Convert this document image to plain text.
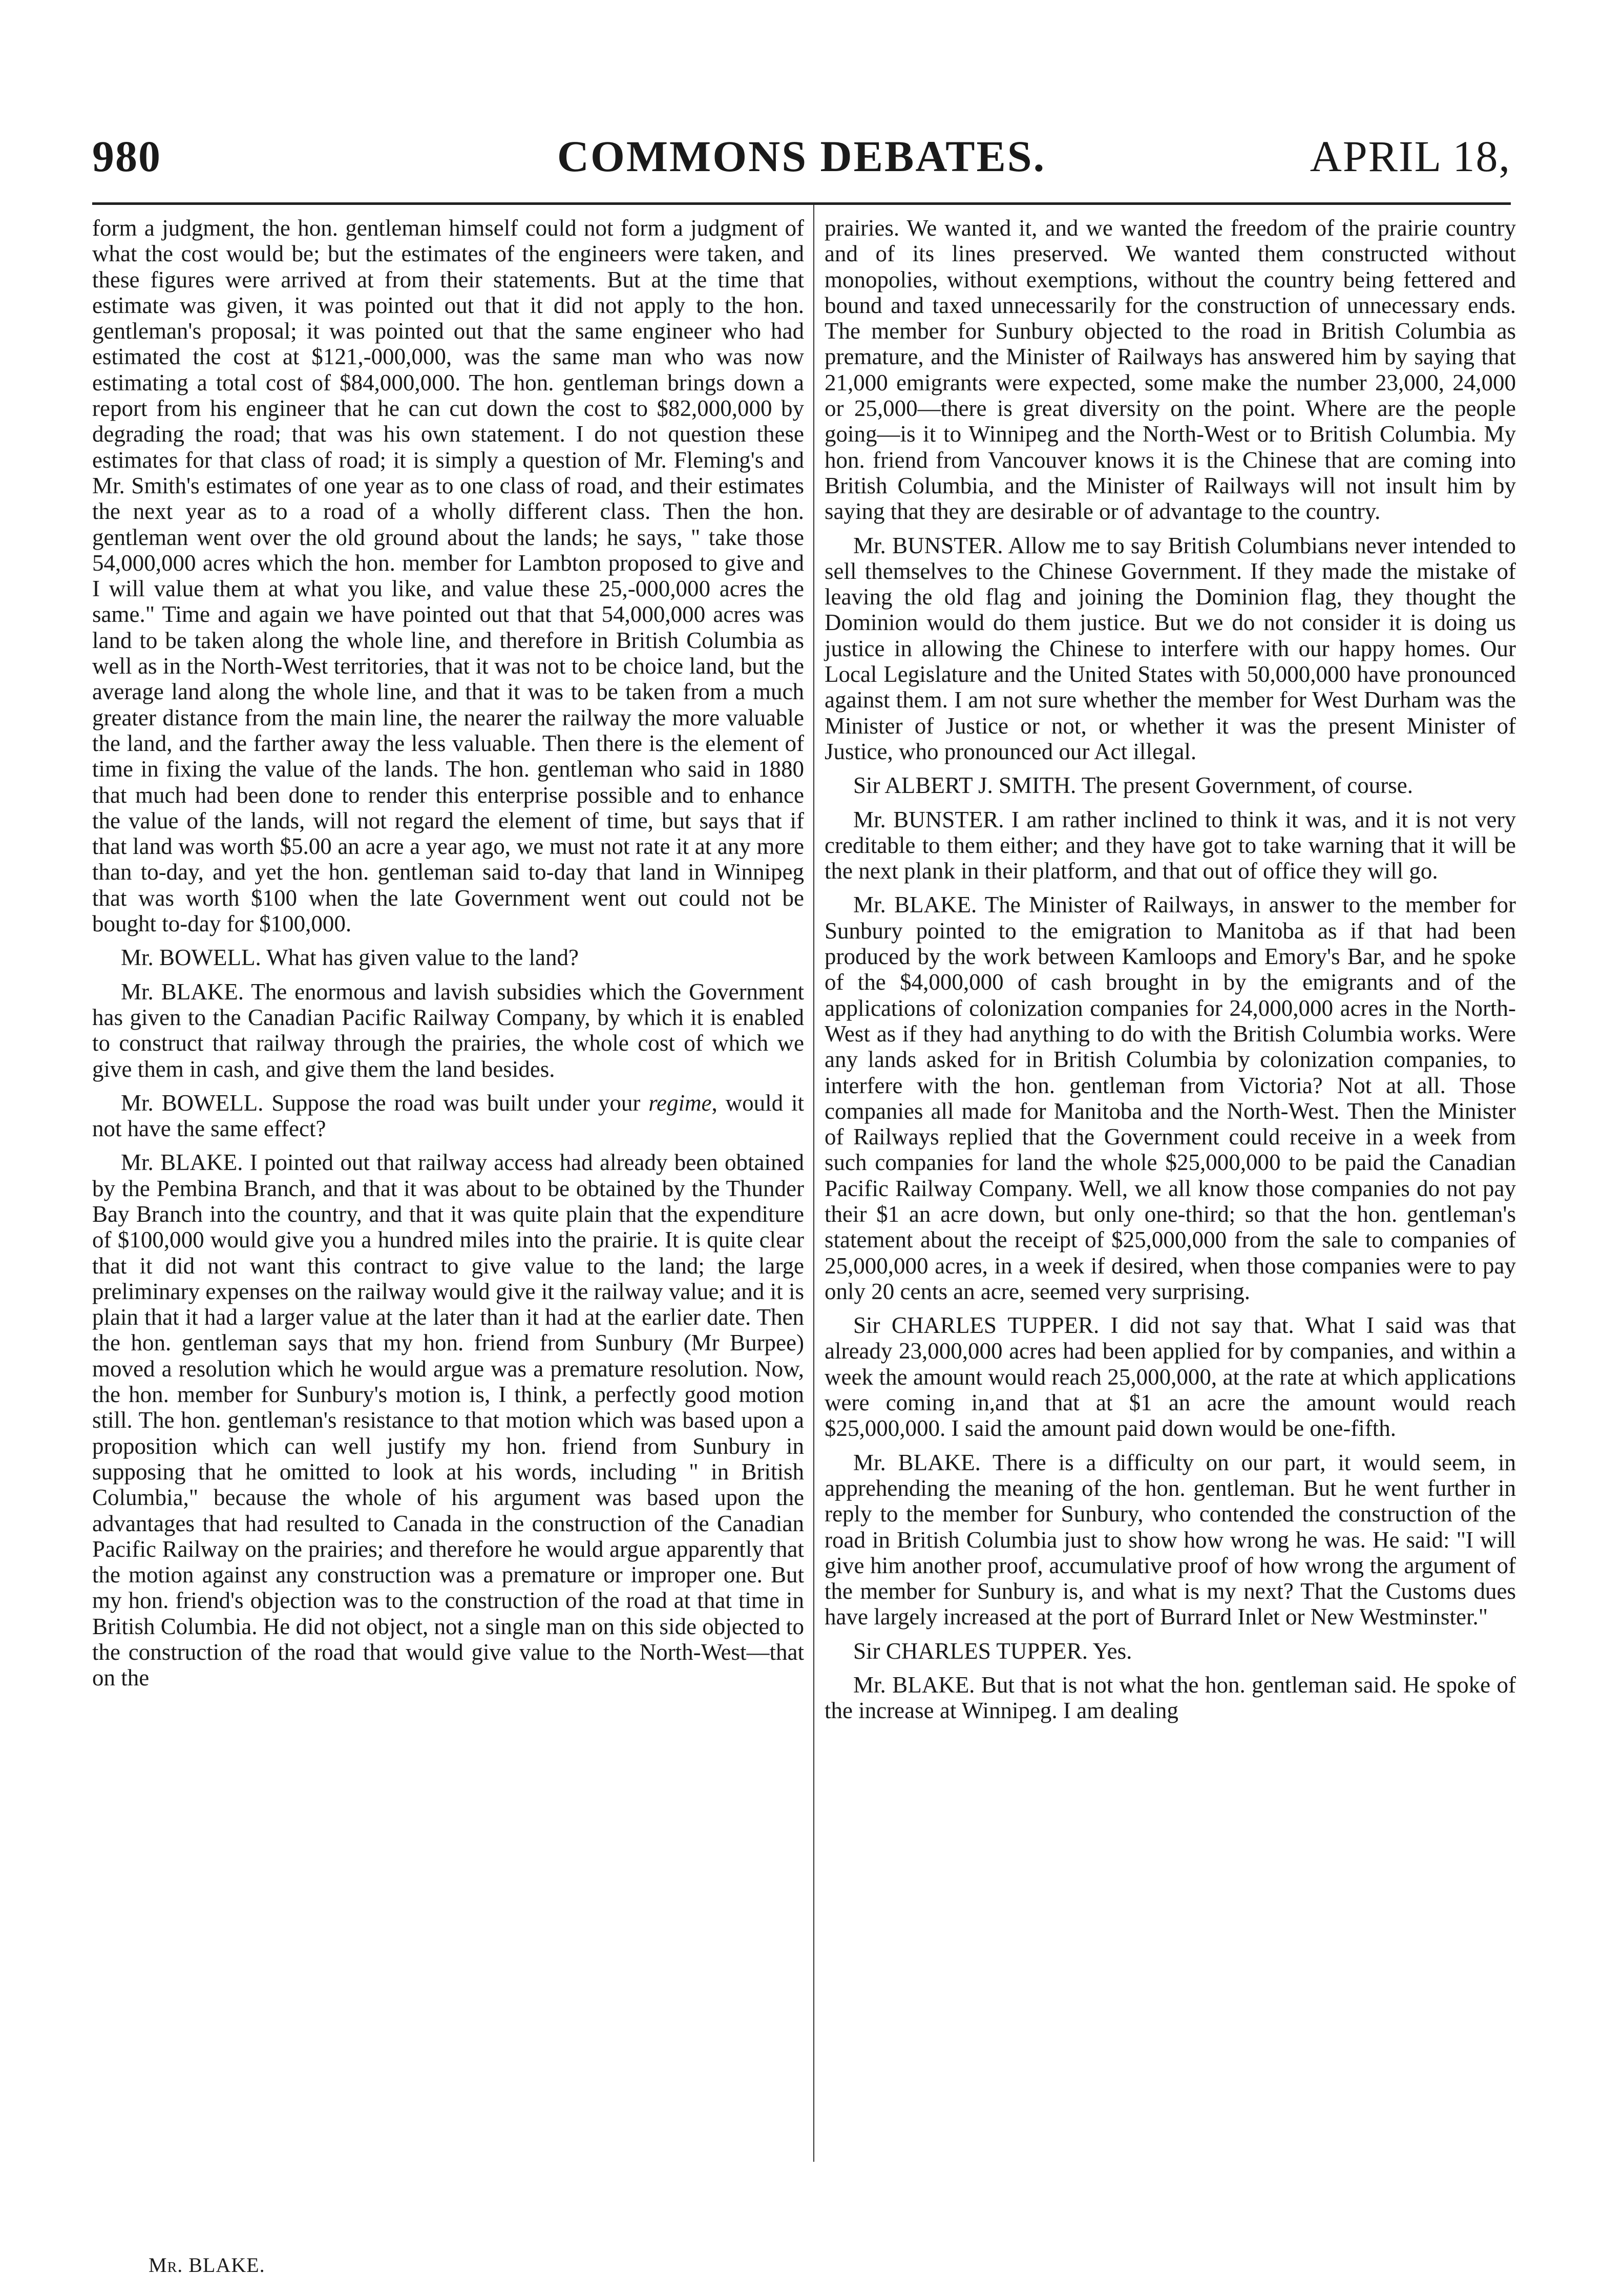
980	COMMONS DEBATES.	APRIL 18,

form a judgment, the hon. gentleman himself could not form a judgment of what the cost would be; but the estimates of the engineers were taken, and these figures were arrived at from their statements. But at the time that estimate was given, it was pointed out that it did not apply to the hon. gentleman's proposal; it was pointed out that the same engineer who had estimated the cost at $121,-000,000, was the same man who was now estimating a total cost of $84,000,000. The hon. gentleman brings down a report from his engineer that he can cut down the cost to $82,000,000 by degrading the road; that was his own statement. I do not question these estimates for that class of road; it is simply a question of Mr. Fleming's and Mr. Smith's estimates of one year as to one class of road, and their estimates the next year as to a road of a wholly different class. Then the hon. gentleman went over the old ground about the lands; he says, " take those 54,000,000 acres which the hon. member for Lambton proposed to give and I will value them at what you like, and value these 25,-000,000 acres the same." Time and again we have pointed out that that 54,000,000 acres was land to be taken along the whole line, and therefore in British Columbia as well as in the North-West territories, that it was not to be choice land, but the average land along the whole line, and that it was to be taken from a much greater distance from the main line, the nearer the railway the more valuable the land, and the farther away the less valuable. Then there is the element of time in fixing the value of the lands. The hon. gentleman who said in 1880 that much had been done to render this enterprise possible and to enhance the value of the lands, will not regard the element of time, but says that if that land was worth $5.00 an acre a year ago, we must not rate it at any more than to-day, and yet the hon. gentleman said to-day that land in Winnipeg that was worth $100 when the late Government went out could not be bought to-day for $100,000.

Mr. BOWELL. What has given value to the land?

Mr. BLAKE. The enormous and lavish subsidies which the Government has given to the Canadian Pacific Railway Company, by which it is enabled to construct that railway through the prairies, the whole cost of which we give them in cash, and give them the land besides.

Mr. BOWELL. Suppose the road was built under your regime, would it not have the same effect?

Mr. BLAKE. I pointed out that railway access had already been obtained by the Pembina Branch, and that it was about to be obtained by the Thunder Bay Branch into the country, and that it was quite plain that the expenditure of $100,000 would give you a hundred miles into the prairie. It is quite clear that it did not want this contract to give value to the land; the large preliminary expenses on the railway would give it the railway value; and it is plain that it had a larger value at the later than it had at the earlier date. Then the hon. gentleman says that my hon. friend from Sunbury (Mr Burpee) moved a resolution which he would argue was a premature resolution. Now, the hon. member for Sunbury's motion is, I think, a perfectly good motion still. The hon. gentleman's resistance to that motion which was based upon a proposition which can well justify my hon. friend from Sunbury in supposing that he omitted to look at his words, including " in British Columbia," because the whole of his argument was based upon the advantages that had resulted to Canada in the construction of the Canadian Pacific Railway on the prairies; and therefore he would argue apparently that the motion against any construction was a premature or improper one. But my hon. friend's objection was to the construction of the road at that time in British Columbia. He did not object, not a single man on this side objected to the construction of the road that would give value to the North-West—that on the

prairies. We wanted it, and we wanted the freedom of the prairie country and of its lines preserved. We wanted them constructed without monopolies, without exemptions, without the country being fettered and bound and taxed unnecessarily for the construction of unnecessary ends. The member for Sunbury objected to the road in British Columbia as premature, and the Minister of Railways has answered him by saying that 21,000 emigrants were expected, some make the number 23,000, 24,000 or 25,000—there is great diversity on the point. Where are the people going—is it to Winnipeg and the North-West or to British Columbia. My hon. friend from Vancouver knows it is the Chinese that are coming into British Columbia, and the Minister of Railways will not insult him by saying that they are desirable or of advantage to the country.

Mr. BUNSTER. Allow me to say British Columbians never intended to sell themselves to the Chinese Government. If they made the mistake of leaving the old flag and joining the Dominion flag, they thought the Dominion would do them justice. But we do not consider it is doing us justice in allowing the Chinese to interfere with our happy homes. Our Local Legislature and the United States with 50,000,000 have pronounced against them. I am not sure whether the member for West Durham was the Minister of Justice or not, or whether it was the present Minister of Justice, who pronounced our Act illegal.

Sir ALBERT J. SMITH. The present Government, of course.

Mr. BUNSTER. I am rather inclined to think it was, and it is not very creditable to them either; and they have got to take warning that it will be the next plank in their platform, and that out of office they will go.

Mr. BLAKE. The Minister of Railways, in answer to the member for Sunbury pointed to the emigration to Manitoba as if that had been produced by the work between Kamloops and Emory's Bar, and he spoke of the $4,000,000 of cash brought in by the emigrants and of the applications of colonization companies for 24,000,000 acres in the North-West as if they had anything to do with the British Columbia works. Were any lands asked for in British Columbia by colonization companies, to interfere with the hon. gentleman from Victoria? Not at all. Those companies all made for Manitoba and the North-West. Then the Minister of Railways replied that the Government could receive in a week from such companies for land the whole $25,000,000 to be paid the Canadian Pacific Railway Company. Well, we all know those companies do not pay their $1 an acre down, but only one-third; so that the hon. gentleman's statement about the receipt of $25,000,000 from the sale to companies of 25,000,000 acres, in a week if desired, when those companies were to pay only 20 cents an acre, seemed very surprising.

Sir CHARLES TUPPER. I did not say that. What I said was that already 23,000,000 acres had been applied for by companies, and within a week the amount would reach 25,000,000, at the rate at which applications were coming in,and that at $1 an acre the amount would reach $25,000,000. I said the amount paid down would be one-fifth.

Mr. BLAKE. There is a difficulty on our part, it would seem, in apprehending the meaning of the hon. gentleman. But he went further in reply to the member for Sunbury, who contended the construction of the road in British Columbia just to show how wrong he was. He said: "I will give him another proof, accumulative proof of how wrong the argument of the member for Sunbury is, and what is my next? That the Customs dues have largely increased at the port of Burrard Inlet or New Westminster."

Sir CHARLES TUPPER. Yes.

Mr. BLAKE. But that is not what the hon. gentleman said. He spoke of the increase at Winnipeg. I am dealing

Mr. BLAKE.
